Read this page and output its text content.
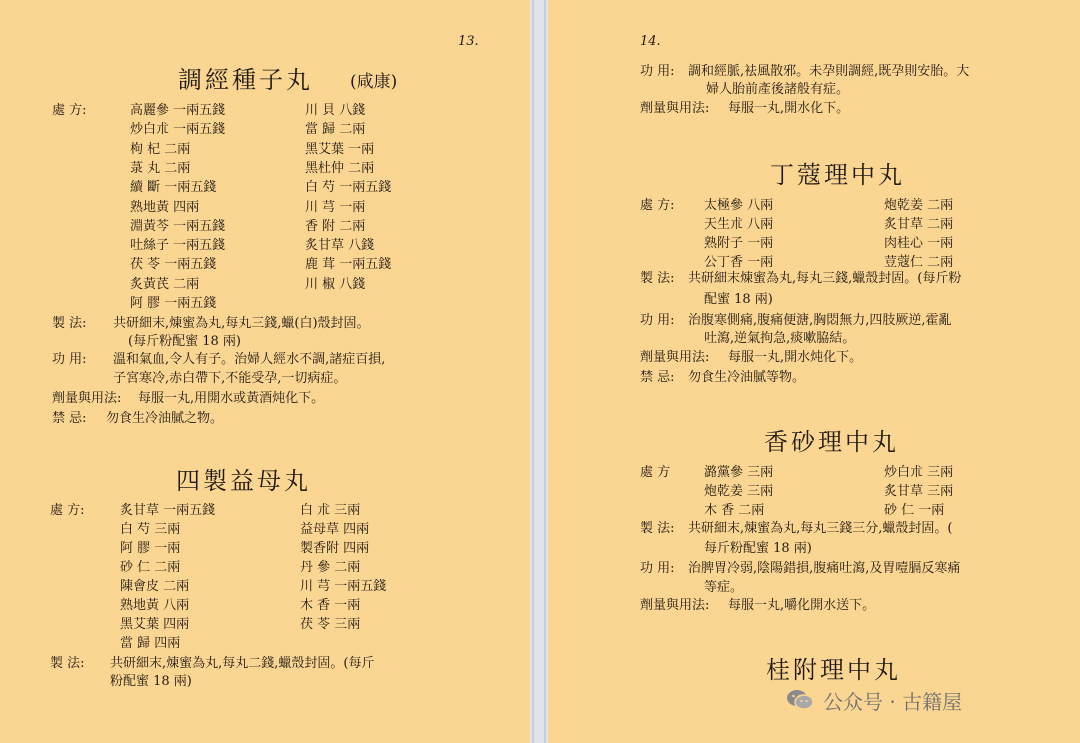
13.
調經種子丸 (咸康)
處 方:	高麗參 一兩五錢	川 貝 八錢
炒白朮 一兩五錢	當 歸 二兩
枸 杞 二兩	黑艾葉 一兩
菉 丸 二兩	黑杜仲 二兩
續 斷 一兩五錢	白 芍 一兩五錢
熟地黃 四兩	川 芎 一兩
淵黃芩 一兩五錢	香 附 二兩
吐絲子 一兩五錢	炙甘草 八錢
茯 苓 一兩五錢	鹿 茸 一兩五錢
炙黃芪 二兩	川 椒 八錢
阿 膠 一兩五錢
製 法: 共研細末,煉蜜為丸,每丸三錢,蠟(白)殼封固。
(每斤粉配蜜 18 兩)
功 用: 溫和氣血,令人有子。治婦人經水不調,諸症百損,
子宮寒冷,赤白帶下,不能受孕,一切病症。
劑量與用法: 每服一丸,用開水或黃酒炖化下。
禁 忌: 勿食生冷油膩之物。
四製益母丸
處 方:	炙甘草 一兩五錢	白 朮 三兩
白 芍 三兩	益母草 四兩
阿 膠 一兩	製香附 四兩
砂 仁 二兩	丹 參 二兩
陳會皮 二兩	川 芎 一兩五錢
熟地黃 八兩	木 香 一兩
黑艾葉 四兩	茯 苓 三兩
當 歸 四兩
製 法: 共研細末,煉蜜為丸,每丸二錢,蠟殼封固。(每斤
粉配蜜 18 兩)
14.
功 用: 調和經脈,袪風散邪。未孕則調經,既孕則安胎。大
婦人胎前產後諸般有症。
劑量與用法: 每服一丸,開水化下。
丁蔻理中丸
處 方: 太極參 八兩	炮乾姜 二兩
天生朮 八兩	炙甘草 二兩
熟附子 一兩	肉桂心 一兩
公丁香 一兩	荳蔻仁 二兩
製 法: 共研細末煉蜜為丸,每丸三錢,蠟殼封固。(每斤粉
配蜜 18 兩)
功 用: 治腹寒側痛,腹痛便溏,胸悶無力,四肢厥逆,霍亂
吐瀉,逆氣拘急,痰嗽脇結。
劑量與用法: 每服一丸,開水炖化下。
禁 忌: 勿食生冷油膩等物。
香砂理中丸
處 方	潞黨參 三兩	炒白朮 三兩
炮乾姜 三兩	炙甘草 三兩
木 香 二兩	砂 仁 一兩
製 法: 共研細末,煉蜜為丸,每丸三錢三分,蠟殼封固。(
每斤粉配蜜 18 兩)
功 用: 治脾胃冷弱,陰陽錯損,腹痛吐瀉,及胃噎膈反寒痛
等症。
劑量與用法: 每服一丸,嚼化開水送下。
桂附理中丸
公众号 · 古籍屋
